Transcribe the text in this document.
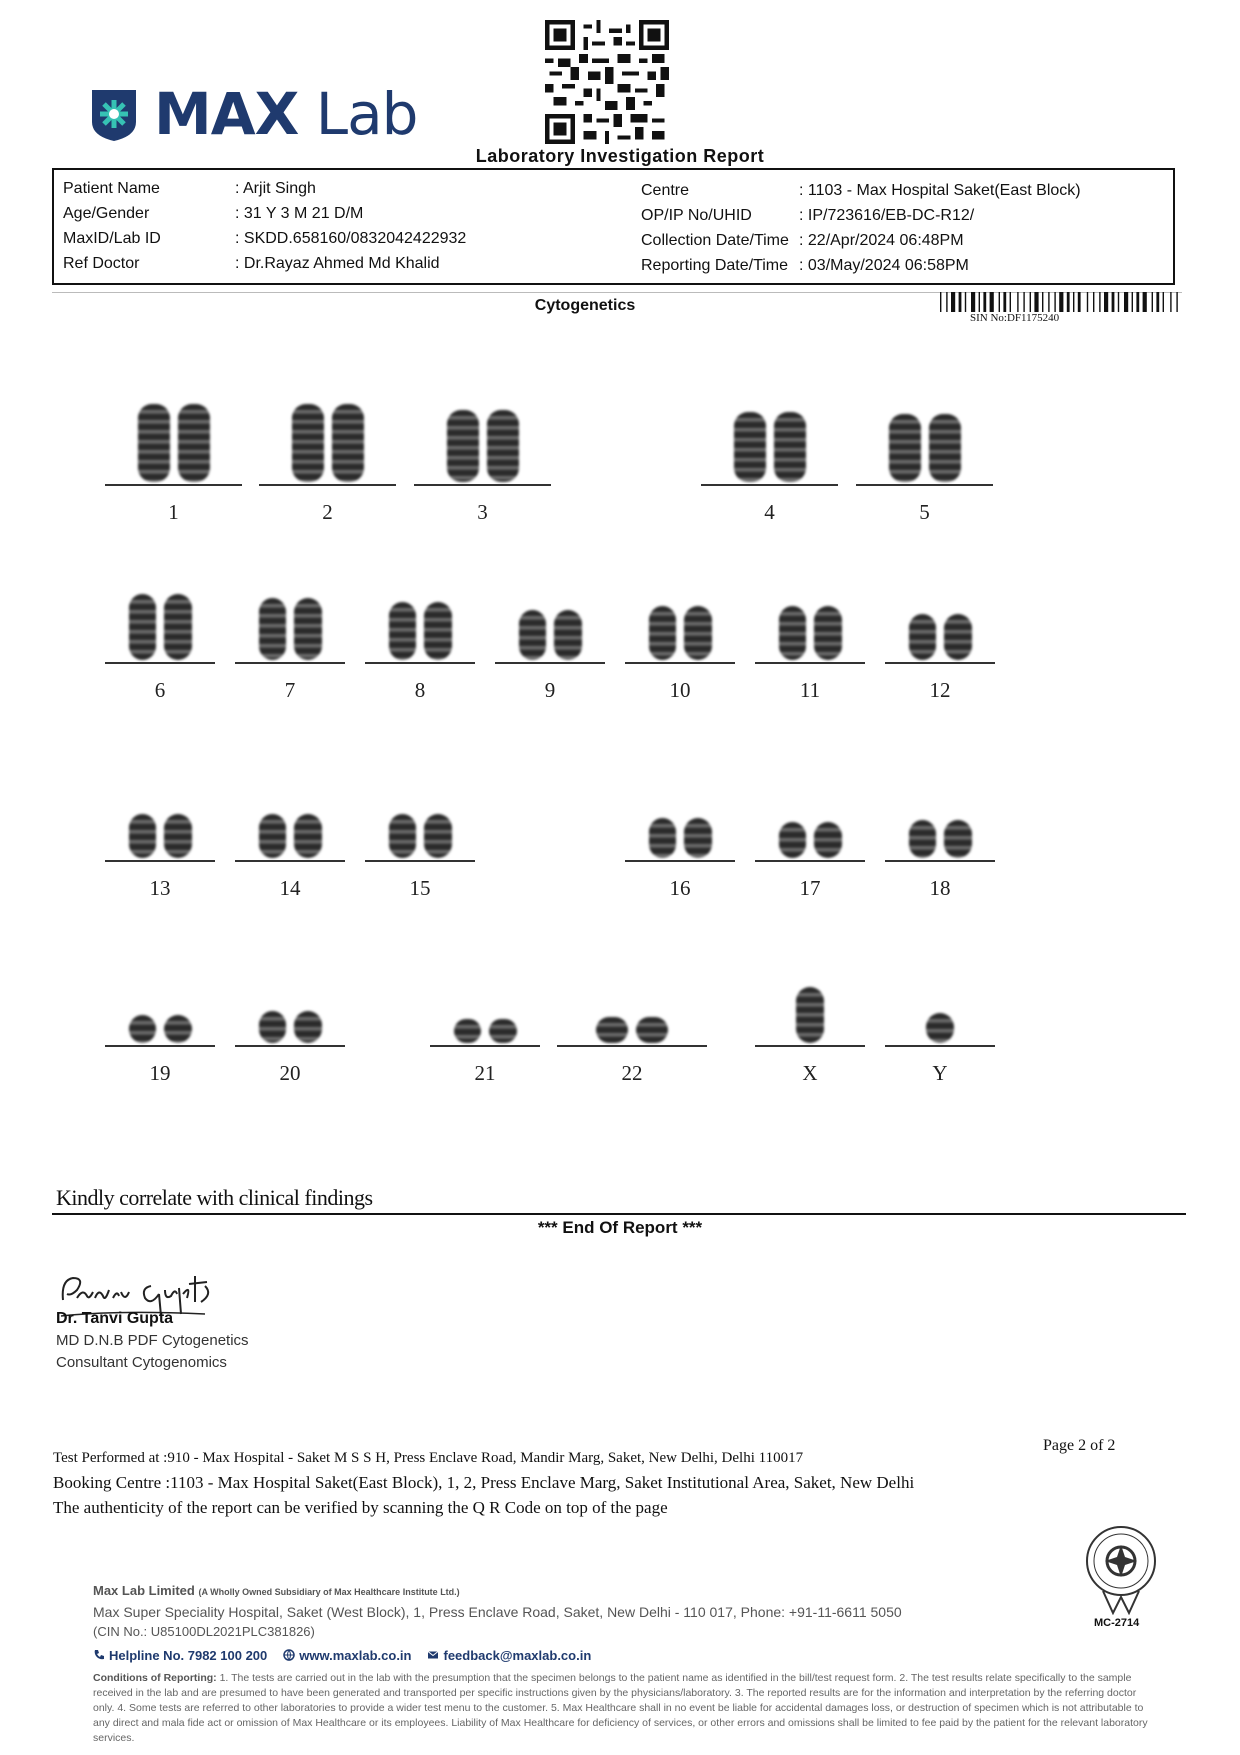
MAX Lab
Laboratory Investigation Report
Patient Name	: Arjit Singh
Age/Gender	: 31 Y 3 M 21 D/M
MaxID/Lab ID	: SKDD.658160/0832042422932
Ref Doctor	: Dr.Rayaz Ahmed Md Khalid
Centre	: 1103 - Max Hospital Saket(East Block)
OP/IP No/UHID	: IP/723616/EB-DC-R12/
Collection Date/Time : 22/Apr/2024 06:48PM
Reporting Date/Time : 03/May/2024 06:58PM
Cytogenetics
SIN No:DF1175240
1	2	3	4	5
6	7	8	9	10	11	12
13	14	15	16	17	18
19	20	21	22	X	Y
Kindly correlate with clinical findings
*** End Of Report ***
Dr. Tanvi Gupta
MD D.N.B PDF Cytogenetics
Consultant Cytogenomics
Page 2 of 2
Test Performed at :910 - Max Hospital - Saket M S S H, Press Enclave Road, Mandir Marg, Saket, New Delhi, Delhi 110017
Booking Centre :1103 - Max Hospital Saket(East Block), 1, 2, Press Enclave Marg, Saket Institutional Area, Saket, New Delhi
The authenticity of the report can be verified by scanning the Q R Code on top of the page
MC-2714
Max Lab Limited (A Wholly Owned Subsidiary of Max Healthcare Institute Ltd.)
Max Super Speciality Hospital, Saket (West Block), 1, Press Enclave Road, Saket, New Delhi - 110 017, Phone: +91-11-6611 5050
(CIN No.: U85100DL2021PLC381826)
Helpline No. 7982 100 200	www.maxlab.co.in	feedback@maxlab.co.in
Conditions of Reporting: 1. The tests are carried out in the lab with the presumption that the specimen belongs to the patient name as identified in the bill/test request form. 2. The test results relate specifically to the sample received in the lab and are presumed to have been generated and transported per specific instructions given by the physicians/laboratory. 3. The reported results are for the information and interpretation by the referring doctor only. 4. Some tests are referred to other laboratories to provide a wider test menu to the customer. 5. Max Healthcare shall in no event be liable for accidental damages loss, or destruction of specimen which is not attributable to any direct and mala fide act or omission of Max Healthcare or its employees. Liability of Max Healthcare for deficiency of services, or other errors and omissions shall be limited to fee paid by the patient for the relevant laboratory services.
